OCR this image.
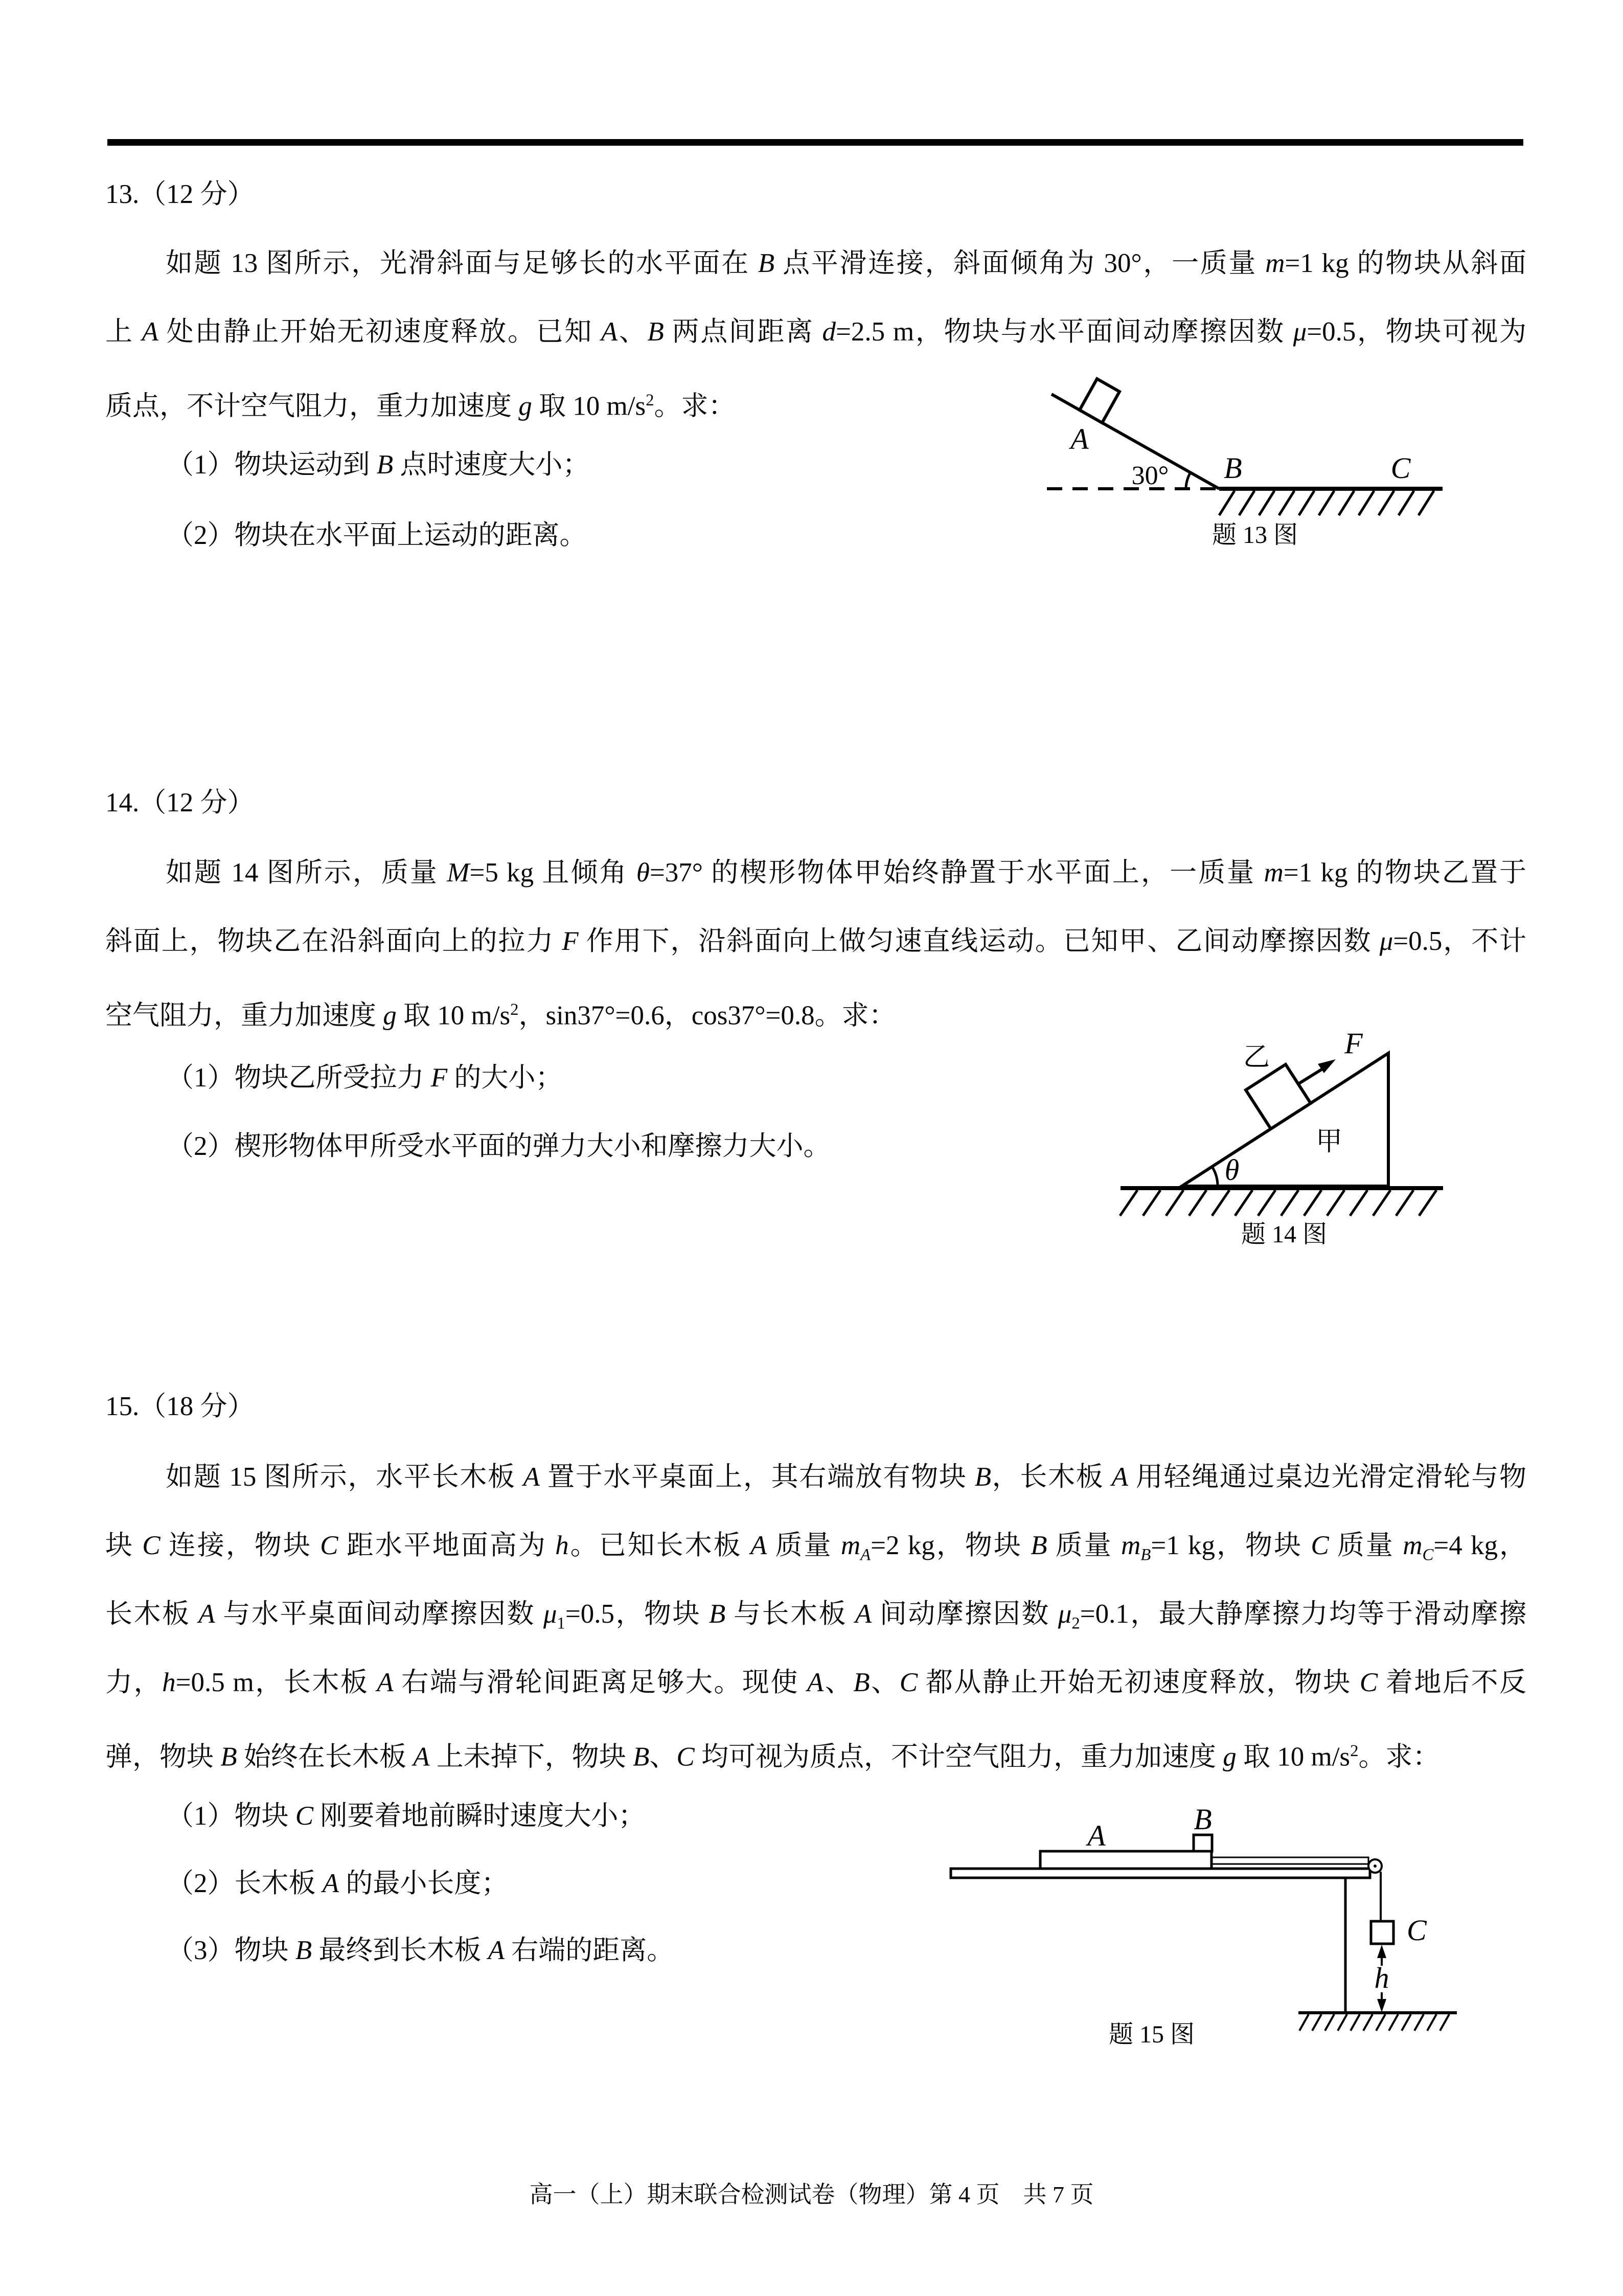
13.（12 分）
如题 13 图所示，光滑斜面与足够长的水平面在 B 点平滑连接，斜面倾角为 30°，一质量 m=1 kg 的物块从斜面
上 A 处由静止开始无初速度释放。已知 A、B 两点间距离 d=2.5 m，物块与水平面间动摩擦因数 μ=0.5，物块可视为
质点，不计空气阻力，重力加速度 g 取 10 $m/s^2$。求：
（1）物块运动到 B 点时速度大小；
（2）物块在水平面上运动的距离。
A
30° B	C
题 13 图
14.（12 分）
如题 14 图所示，质量 M=5 kg 且倾角 θ=37° 的楔形物体甲始终静置于水平面上，一质量 m=1 kg 的物块乙置于
斜面上，物块乙在沿斜面向上的拉力 F 作用下，沿斜面向上做匀速直线运动。已知甲、乙间动摩擦因数 μ=0.5，不计
空气阻力，重力加速度 g 取 10 $m/s^2$，sin37°=0.6，cos37°=0.8。求：
（1）物块乙所受拉力 F 的大小；
（2）楔形物体甲所受水平面的弹力大小和摩擦力大小。
乙	F
甲
θ
题 14 图
15.（18 分）
如题 15 图所示，水平长木板 A 置于水平桌面上，其右端放有物块 B，长木板 A 用轻绳通过桌边光滑定滑轮与物
块 C 连接，物块 C 距水平地面高为 h。已知长木板 A 质量 $m_A=2$ kg，物块 B 质量 $m_B=1$ kg，物块 C 质量 $m_C=4$ kg，
长木板 A 与水平桌面间动摩擦因数 $\mu_1=0.5$，物块 B 与长木板 A 间动摩擦因数 $\mu_2=0.1$，最大静摩擦力均等于滑动摩擦
力，h=0.5 m，长木板 A 右端与滑轮间距离足够大。现使 A、B、C 都从静止开始无初速度释放，物块 C 着地后不反
弹，物块 B 始终在长木板 A 上未掉下，物块 B、C 均可视为质点，不计空气阻力，重力加速度 g 取 10 $m/s^2$。求：
（1）物块 C 刚要着地前瞬时速度大小；
（2）长木板 A 的最小长度；
（3）物块 B 最终到长木板 A 右端的距离。
h
A	B
C
题 15 图
高一（上）期末联合检测试卷（物理）第 4 页　共 7 页
